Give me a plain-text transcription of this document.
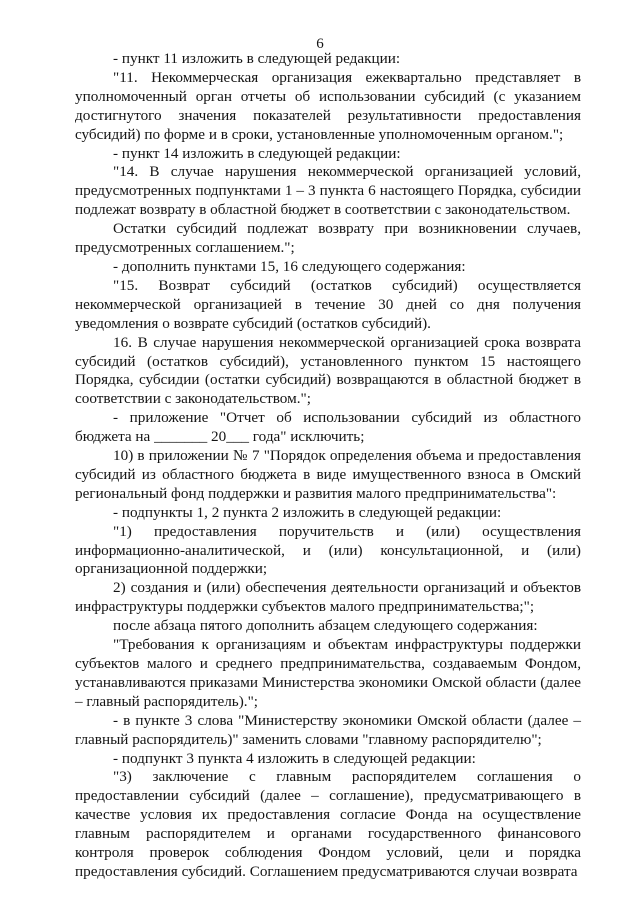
6

- пункт 11 изложить в следующей редакции:

"11. Некоммерческая организация ежеквартально представляет в уполномоченный орган отчеты об использовании субсидий (с указанием достигнутого значения показателей результативности предоставления субсидий) по форме и в сроки, установленные уполномоченным органом.";

- пункт 14 изложить в следующей редакции:

"14. В случае нарушения некоммерческой организацией условий, предусмотренных подпунктами 1 – 3 пункта 6 настоящего Порядка, субсидии подлежат возврату в областной бюджет в соответствии с законодательством.

Остатки субсидий подлежат возврату при возникновении случаев, предусмотренных соглашением.";

- дополнить пунктами 15, 16 следующего содержания:

"15. Возврат субсидий (остатков субсидий) осуществляется некоммерческой организацией в течение 30 дней со дня получения уведомления о возврате субсидий (остатков субсидий).

16. В случае нарушения некоммерческой организацией срока возврата субсидий (остатков субсидий), установленного пунктом 15 настоящего Порядка, субсидии (остатки субсидий) возвращаются в областной бюджет в соответствии с законодательством.";

- приложение "Отчет об использовании субсидий из областного бюджета на _______ 20___ года" исключить;

10) в приложении № 7 "Порядок определения объема и предоставления субсидий из областного бюджета в виде имущественного взноса в Омский региональный фонд поддержки и развития малого предпринимательства":

- подпункты 1, 2 пункта 2 изложить в следующей редакции:

"1) предоставления поручительств и (или) осуществления информационно-аналитической, и (или) консультационной, и (или) организационной поддержки;

2) создания и (или) обеспечения деятельности организаций и объектов инфраструктуры поддержки субъектов малого предпринимательства;";

после абзаца пятого дополнить абзацем следующего содержания:

"Требования к организациям и объектам инфраструктуры поддержки субъектов малого и среднего предпринимательства, создаваемым Фондом, устанавливаются приказами Министерства экономики Омской области (далее – главный распорядитель).";

- в пункте 3 слова "Министерству экономики Омской области (далее – главный распорядитель)" заменить словами "главному распорядителю";

- подпункт 3 пункта 4 изложить в следующей редакции:

"3) заключение с главным распорядителем соглашения о предоставлении субсидий (далее – соглашение), предусматривающего в качестве условия их предоставления согласие Фонда на осуществление главным распорядителем и органами государственного финансового контроля проверок соблюдения Фондом условий, цели и порядка предоставления субсидий. Соглашением предусматриваются случаи возврата
